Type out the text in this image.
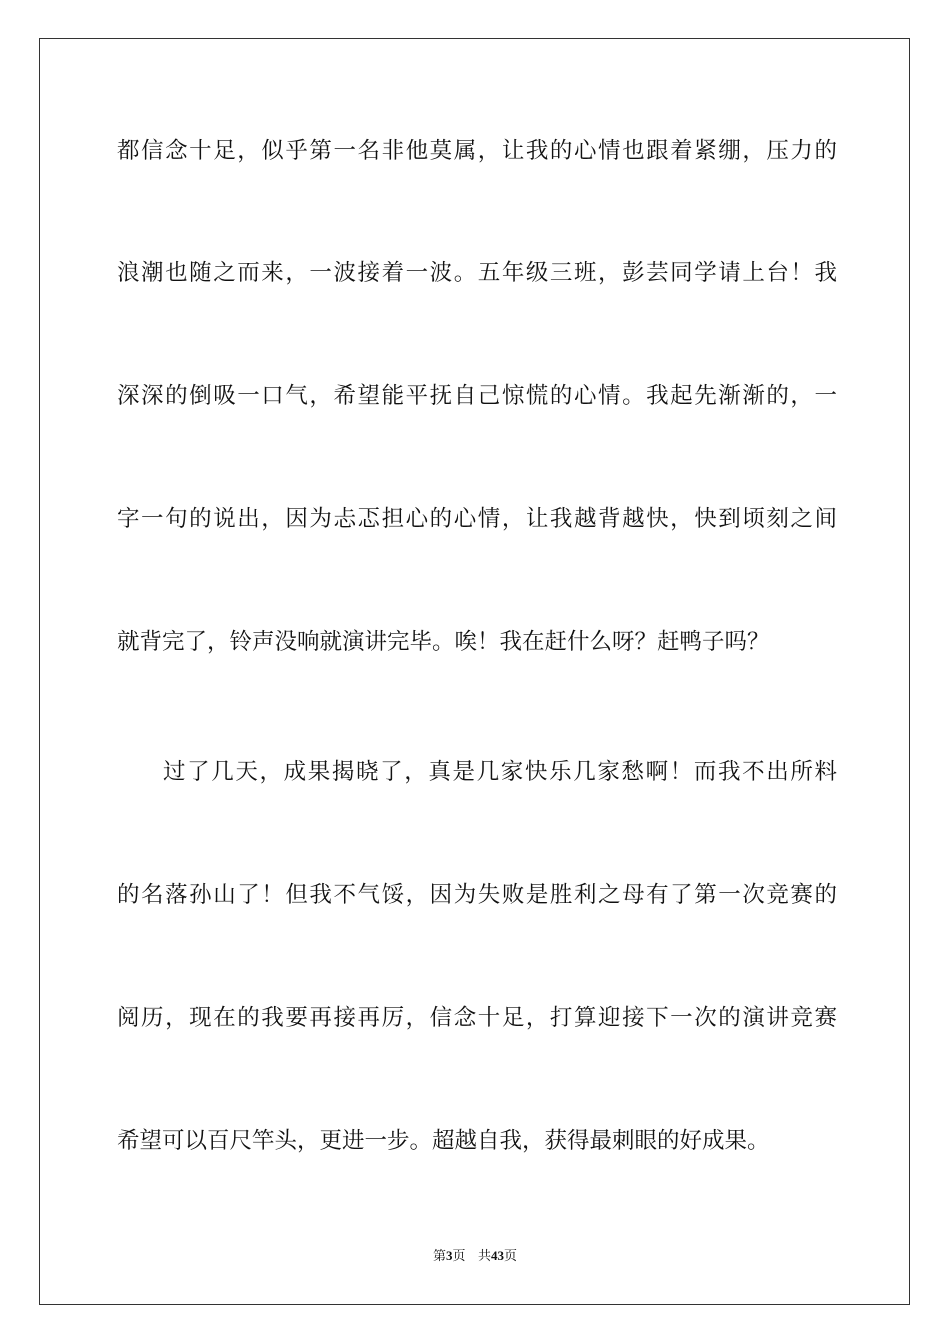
都信念十足，似乎第一名非他莫属，让我的心情也跟着紧绷，压力的

浪潮也随之而来，一波接着一波。五年级三班，彭芸同学请上台！我

深深的倒吸一口气，希望能平抚自己惊慌的心情。我起先渐渐的，一

字一句的说出，因为忐忑担心的心情，让我越背越快，快到顷刻之间

就背完了，铃声没响就演讲完毕。唉！我在赶什么呀？赶鸭子吗？

过了几天，成果揭晓了，真是几家快乐几家愁啊！而我不出所料

的名落孙山了！但我不气馁，因为失败是胜利之母有了第一次竞赛的

阅历，现在的我要再接再厉，信念十足，打算迎接下一次的演讲竞赛

希望可以百尺竿头，更进一步。超越自我，获得最刺眼的好成果。

第3页 共43页
